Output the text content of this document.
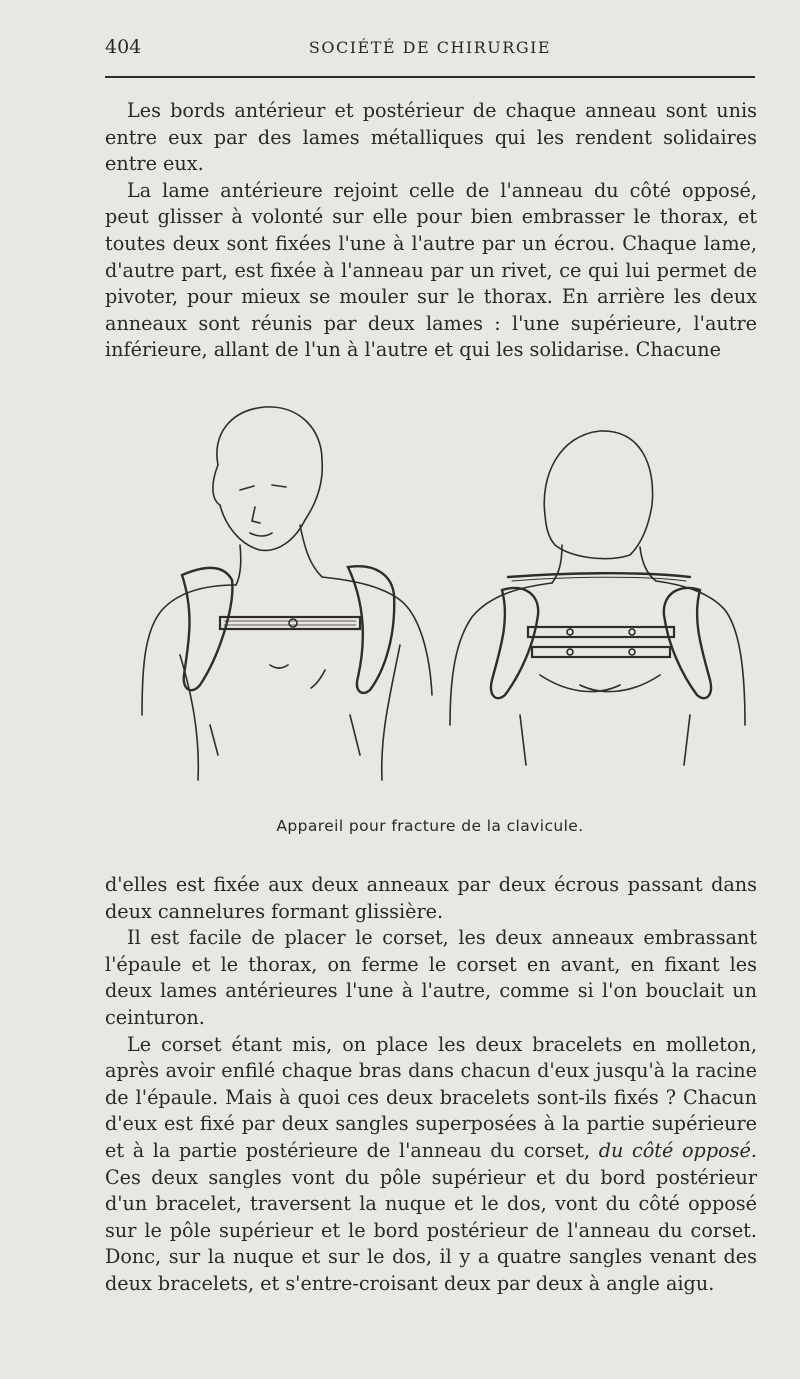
404	SOCIÉTÉ DE CHIRURGIE

Les bords antérieur et postérieur de chaque anneau sont unis entre eux par des lames métalliques qui les rendent solidaires entre eux.

La lame antérieure rejoint celle de l'anneau du côté opposé, peut glisser à volonté sur elle pour bien embrasser le thorax, et toutes deux sont fixées l'une à l'autre par un écrou. Chaque lame, d'autre part, est fixée à l'anneau par un rivet, ce qui lui permet de pivoter, pour mieux se mouler sur le thorax. En arrière les deux anneaux sont réunis par deux lames : l'une supérieure, l'autre inférieure, allant de l'un à l'autre et qui les solidarise. Chacune

Appareil pour fracture de la clavicule.

d'elles est fixée aux deux anneaux par deux écrous passant dans deux cannelures formant glissière.

Il est facile de placer le corset, les deux anneaux embrassant l'épaule et le thorax, on ferme le corset en avant, en fixant les deux lames antérieures l'une à l'autre, comme si l'on bouclait un ceinturon.

Le corset étant mis, on place les deux bracelets en molleton, après avoir enfilé chaque bras dans chacun d'eux jusqu'à la racine de l'épaule. Mais à quoi ces deux bracelets sont-ils fixés ? Chacun d'eux est fixé par deux sangles superposées à la partie supérieure et à la partie postérieure de l'anneau du corset, du côté opposé. Ces deux sangles vont du pôle supérieur et du bord postérieur d'un bracelet, traversent la nuque et le dos, vont du côté opposé sur le pôle supérieur et le bord postérieur de l'anneau du corset. Donc, sur la nuque et sur le dos, il y a quatre sangles venant des deux bracelets, et s'entre-croisant deux par deux à angle aigu.
